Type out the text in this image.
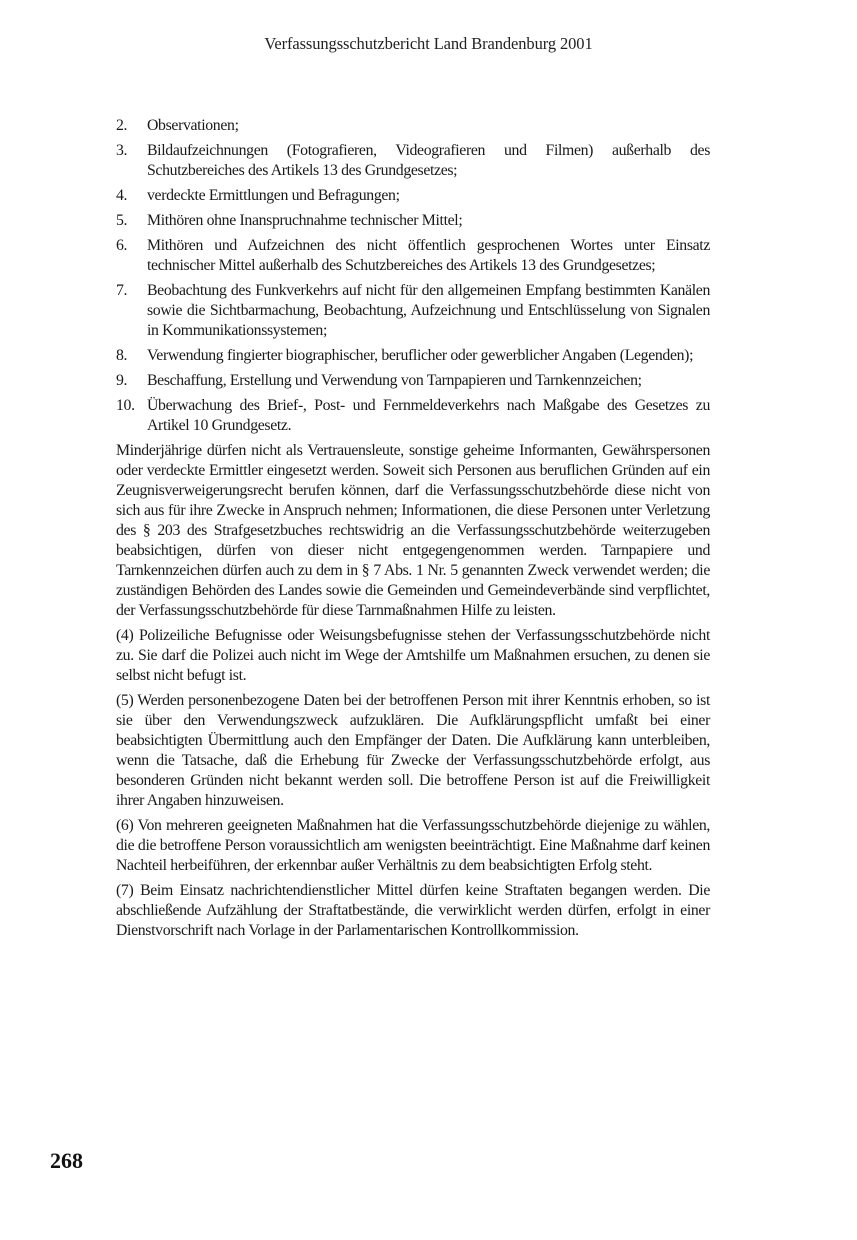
Verfassungsschutzbericht Land Brandenburg 2001
2. Observationen;
3. Bildaufzeichnungen (Fotografieren, Videografieren und Filmen) außerhalb des Schutzbereiches des Artikels 13 des Grundgesetzes;
4. verdeckte Ermittlungen und Befragungen;
5. Mithören ohne Inanspruchnahme technischer Mittel;
6. Mithören und Aufzeichnen des nicht öffentlich gesprochenen Wortes unter Einsatz technischer Mittel außerhalb des Schutzbereiches des Artikels 13 des Grundgesetzes;
7. Beobachtung des Funkverkehrs auf nicht für den allgemeinen Empfang bestimmten Kanälen sowie die Sichtbarmachung, Beobachtung, Aufzeichnung und Entschlüsselung von Signalen in Kommunikationssystemen;
8. Verwendung fingierter biographischer, beruflicher oder gewerblicher Angaben (Legenden);
9. Beschaffung, Erstellung und Verwendung von Tarnpapieren und Tarnkennzeichen;
10. Überwachung des Brief-, Post- und Fernmeldeverkehrs nach Maßgabe des Gesetzes zu Artikel 10 Grundgesetz.

Minderjährige dürfen nicht als Vertrauensleute, sonstige geheime Informanten, Gewährspersonen oder verdeckte Ermittler eingesetzt werden. Soweit sich Personen aus beruflichen Gründen auf ein Zeugnisverweigerungsrecht berufen können, darf die Verfassungsschutzbehörde diese nicht von sich aus für ihre Zwecke in Anspruch nehmen; Informationen, die diese Personen unter Verletzung des § 203 des Strafgesetzbuches rechtswidrig an die Verfassungsschutzbehörde weiterzugeben beabsichtigen, dürfen von dieser nicht entgegengenommen werden. Tarnpapiere und Tarnkennzeichen dürfen auch zu dem in § 7 Abs. 1 Nr. 5 genannten Zweck verwendet werden; die zuständigen Behörden des Landes sowie die Gemeinden und Gemeindeverbände sind verpflichtet, der Verfassungsschutzbehörde für diese Tarnmaßnahmen Hilfe zu leisten.

(4) Polizeiliche Befugnisse oder Weisungsbefugnisse stehen der Verfassungsschutzbehörde nicht zu. Sie darf die Polizei auch nicht im Wege der Amtshilfe um Maßnahmen ersuchen, zu denen sie selbst nicht befugt ist.

(5) Werden personenbezogene Daten bei der betroffenen Person mit ihrer Kenntnis erhoben, so ist sie über den Verwendungszweck aufzuklären. Die Aufklärungspflicht umfaßt bei einer beabsichtigten Übermittlung auch den Empfänger der Daten. Die Aufklärung kann unterbleiben, wenn die Tatsache, daß die Erhebung für Zwecke der Verfassungsschutzbehörde erfolgt, aus besonderen Gründen nicht bekannt werden soll. Die betroffene Person ist auf die Freiwilligkeit ihrer Angaben hinzuweisen.

(6) Von mehreren geeigneten Maßnahmen hat die Verfassungsschutzbehörde diejenige zu wählen, die die betroffene Person voraussichtlich am wenigsten beeinträchtigt. Eine Maßnahme darf keinen Nachteil herbeiführen, der erkennbar außer Verhältnis zu dem beabsichtigten Erfolg steht.

(7) Beim Einsatz nachrichtendienstlicher Mittel dürfen keine Straftaten begangen werden. Die abschließende Aufzählung der Straftatbestände, die verwirklicht werden dürfen, erfolgt in einer Dienstvorschrift nach Vorlage in der Parlamentarischen Kontrollkommission.

268
